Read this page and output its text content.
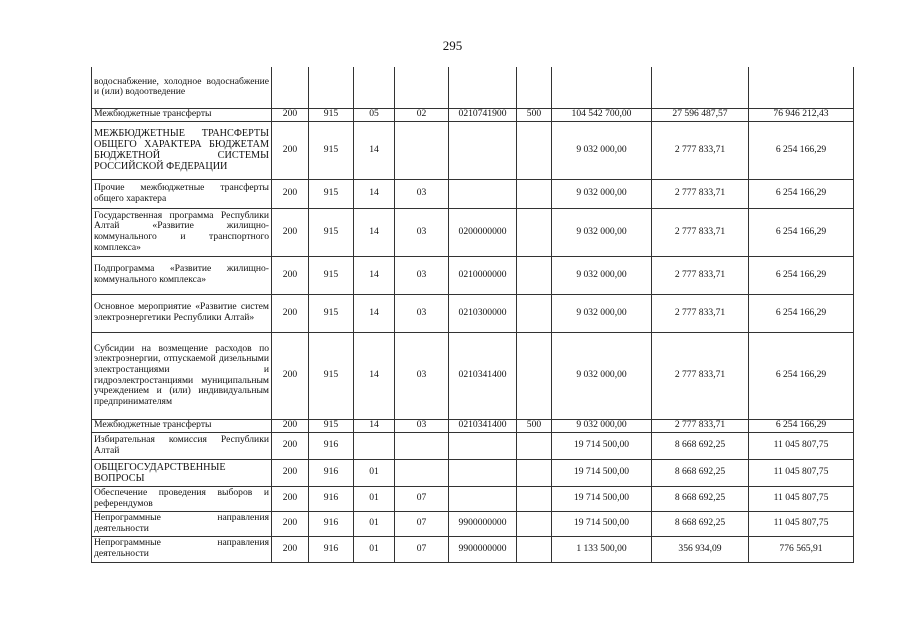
295
водоснабжение, холодное водоснабжение и (или) водоотведение									
Межбюджетные трансферты	200	915	05	02	0210741900	500	104 542 700,00	27 596 487,57	76 946 212,43
МЕЖБЮДЖЕТНЫЕ ТРАНСФЕРТЫ ОБЩЕГО ХАРАКТЕРА БЮДЖЕТАМ БЮДЖЕТНОЙ СИСТЕМЫ РОССИЙСКОЙ ФЕДЕРАЦИИ	200	915	14				9 032 000,00	2 777 833,71	6 254 166,29
Прочие межбюджетные трансферты общего характера	200	915	14	03			9 032 000,00	2 777 833,71	6 254 166,29
Государственная программа Республики Алтай «Развитие жилищно-коммунального и транспортного комплекса»	200	915	14	03	0200000000		9 032 000,00	2 777 833,71	6 254 166,29
Подпрограмма «Развитие жилищно-коммунального комплекса»	200	915	14	03	0210000000		9 032 000,00	2 777 833,71	6 254 166,29
Основное мероприятие «Развитие систем электроэнергетики Республики Алтай»	200	915	14	03	0210300000		9 032 000,00	2 777 833,71	6 254 166,29
Субсидии на возмещение расходов по электроэнергии, отпускаемой дизельными электростанциями и гидроэлектростанциями муниципальным учреждением и (или) индивидуальным предпринимателям	200	915	14	03	0210341400		9 032 000,00	2 777 833,71	6 254 166,29
Межбюджетные трансферты	200	915	14	03	0210341400	500	9 032 000,00	2 777 833,71	6 254 166,29
Избирательная комиссия Республики Алтай	200	916					19 714 500,00	8 668 692,25	11 045 807,75
ОБЩЕГОСУДАРСТВЕННЫЕ ВОПРОСЫ	200	916	01				19 714 500,00	8 668 692,25	11 045 807,75
Обеспечение проведения выборов и референдумов	200	916	01	07			19 714 500,00	8 668 692,25	11 045 807,75
Непрограммные направления деятельности	200	916	01	07	9900000000		19 714 500,00	8 668 692,25	11 045 807,75
Непрограммные направления деятельности	200	916	01	07	9900000000		1 133 500,00	356 934,09	776 565,91
